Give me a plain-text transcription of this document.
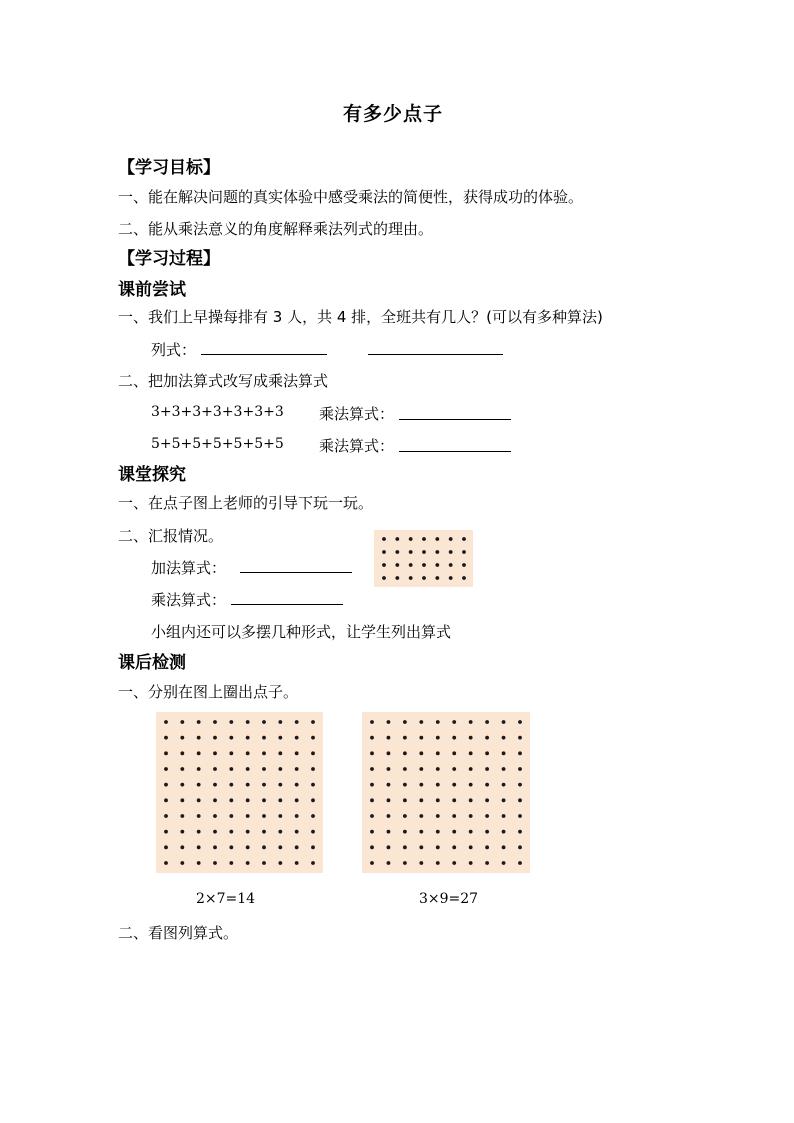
有多少点子
【学习目标】
一、能在解决问题的真实体验中感受乘法的简便性，获得成功的体验。
二、能从乘法意义的角度解释乘法列式的理由。
【学习过程】
课前尝试
一、我们上早操每排有 3 人，共 4 排，全班共有几人？(可以有多种算法)
列式：
二、把加法算式改写成乘法算式
3+3+3+3+3+3+3 乘法算式：
5+5+5+5+5+5+5 乘法算式：
课堂探究
一、在点子图上老师的引导下玩一玩。
二、汇报情况。
加法算式：
乘法算式：
小组内还可以多摆几种形式，让学生列出算式
课后检测
一、分别在图上圈出点子。
2×7=14	3×9=27
二、看图列算式。
